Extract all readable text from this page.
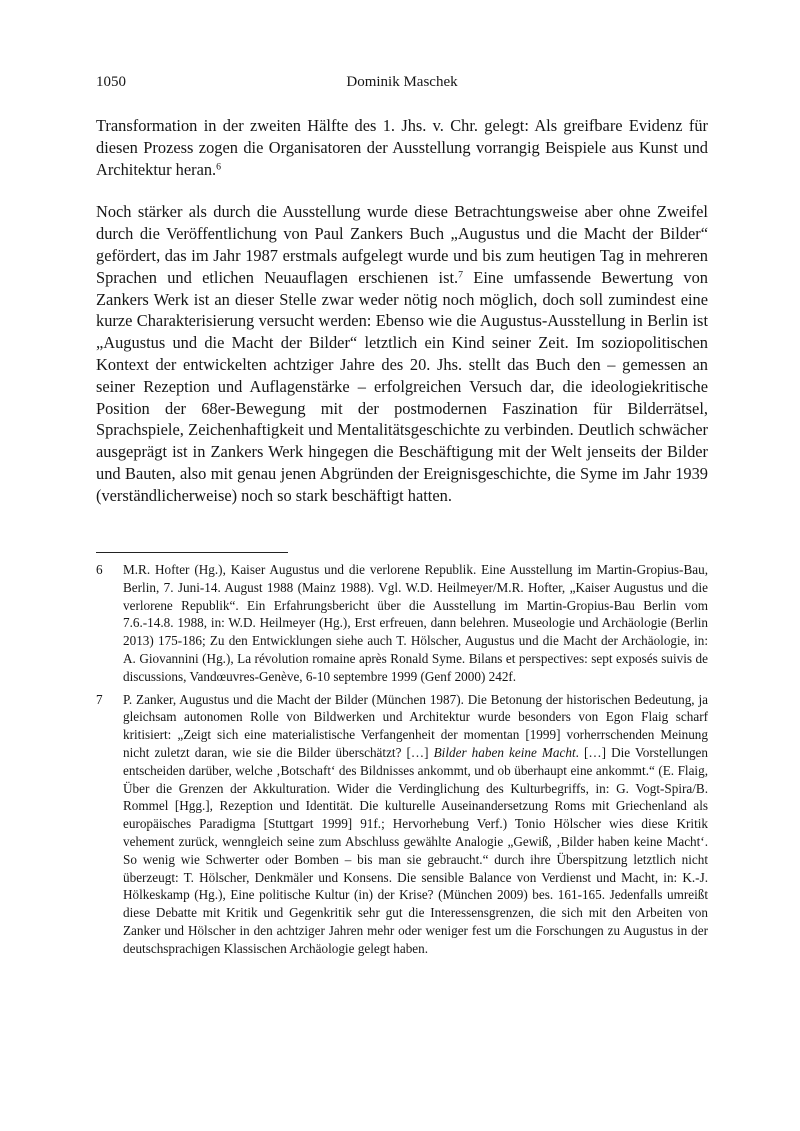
1050	Dominik Maschek

Transformation in der zweiten Hälfte des 1. Jhs. v. Chr. gelegt: Als greifbare Evidenz für diesen Prozess zogen die Organisatoren der Ausstellung vorrangig Beispiele aus Kunst und Architektur heran.$^6$

Noch stärker als durch die Ausstellung wurde diese Betrachtungsweise aber ohne Zweifel durch die Veröffentlichung von Paul Zankers Buch „Augustus und die Macht der Bilder“ gefördert, das im Jahr 1987 erstmals aufgelegt wurde und bis zum heutigen Tag in mehreren Sprachen und etlichen Neuauflagen erschienen ist.$^7$ Eine umfassende Bewertung von Zankers Werk ist an dieser Stelle zwar weder nötig noch möglich, doch soll zumindest eine kurze Charakterisierung versucht werden: Ebenso wie die Augustus-Ausstellung in Berlin ist „Augustus und die Macht der Bilder“ letztlich ein Kind seiner Zeit. Im soziopolitischen Kontext der entwickelten achtziger Jahre des 20. Jhs. stellt das Buch den – gemessen an seiner Rezeption und Auflagenstärke – erfolgreichen Versuch dar, die ideologiekritische Position der 68er-Bewegung mit der postmodernen Faszination für Bilderrätsel, Sprachspiele, Zeichenhaftigkeit und Mentalitätsgeschichte zu verbinden. Deutlich schwächer ausgeprägt ist in Zankers Werk hingegen die Beschäftigung mit der Welt jenseits der Bilder und Bauten, also mit genau jenen Abgründen der Ereignisgeschichte, die Syme im Jahr 1939 (verständlicherweise) noch so stark beschäftigt hatten.

6 M.R. Hofter (Hg.), Kaiser Augustus und die verlorene Republik. Eine Ausstellung im Martin-Gropius-Bau, Berlin, 7. Juni-14. August 1988 (Mainz 1988). Vgl. W.D. Heilmeyer/M.R. Hofter, „Kaiser Augustus und die verlorene Republik“. Ein Erfahrungsbericht über die Ausstellung im Martin-Gropius-Bau Berlin vom 7.6.-14.8. 1988, in: W.D. Heilmeyer (Hg.), Erst erfreuen, dann belehren. Museologie und Archäologie (Berlin 2013) 175-186; Zu den Entwicklungen siehe auch T. Hölscher, Augustus und die Macht der Archäologie, in: A. Giovannini (Hg.), La révolution romaine après Ronald Syme. Bilans et perspectives: sept exposés suivis de discussions, Vandœuvres-Genève, 6-10 septembre 1999 (Genf 2000) 242f.

7 P. Zanker, Augustus und die Macht der Bilder (München 1987). Die Betonung der historischen Bedeutung, ja gleichsam autonomen Rolle von Bildwerken und Architektur wurde besonders von Egon Flaig scharf kritisiert: „Zeigt sich eine materialistische Verfangenheit der momentan [1999] vorherrschenden Meinung nicht zuletzt daran, wie sie die Bilder überschätzt? […] Bilder haben keine Macht. […] Die Vorstellungen entscheiden darüber, welche ‚Botschaft‘ des Bildnisses ankommt, und ob überhaupt eine ankommt.“ (E. Flaig, Über die Grenzen der Akkulturation. Wider die Verdinglichung des Kulturbegriffs, in: G. Vogt-Spira/B. Rommel [Hgg.], Rezeption und Identität. Die kulturelle Auseinandersetzung Roms mit Griechenland als europäisches Paradigma [Stuttgart 1999] 91f.; Hervorhebung Verf.) Tonio Hölscher wies diese Kritik vehement zurück, wenngleich seine zum Abschluss gewählte Analogie „Gewiß, ‚Bilder haben keine Macht‘. So wenig wie Schwerter oder Bomben – bis man sie gebraucht.“ durch ihre Überspitzung letztlich nicht überzeugt: T. Hölscher, Denkmäler und Konsens. Die sensible Balance von Verdienst und Macht, in: K.-J. Hölkeskamp (Hg.), Eine politische Kultur (in) der Krise? (München 2009) bes. 161-165. Jedenfalls umreißt diese Debatte mit Kritik und Gegenkritik sehr gut die Interessensgrenzen, die sich mit den Arbeiten von Zanker und Hölscher in den achtziger Jahren mehr oder weniger fest um die Forschungen zu Augustus in der deutschsprachigen Klassischen Archäologie gelegt haben.
